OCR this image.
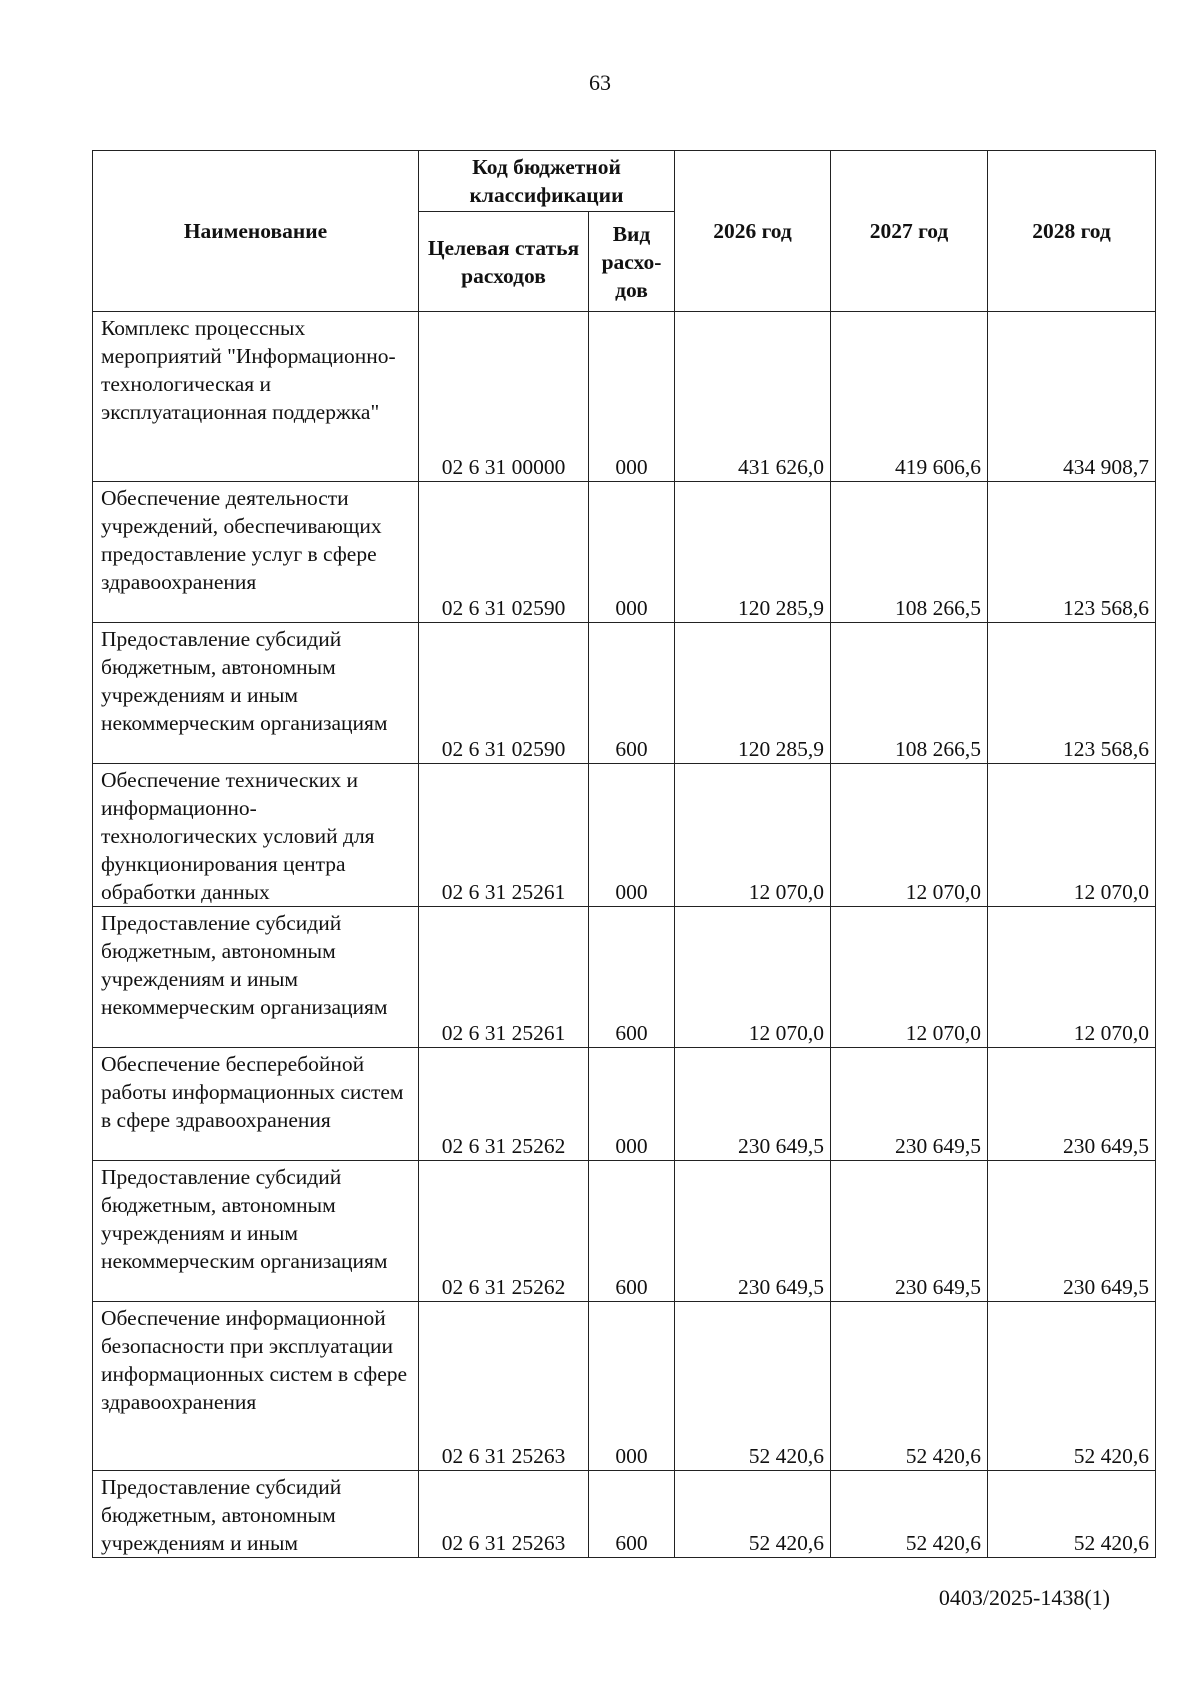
63
Наименование	Код бюджетной классификации		2026 год	2027 год	2028 год
	Целевая статья расходов	Вид расхо-дов			
Комплекс процессных мероприятий "Информационно-технологическая и эксплуатационная поддержка"	02 6 31 00000	000	431 626,0	419 606,6	434 908,7
Обеспечение деятельности учреждений, обеспечивающих предоставление услуг в сфере здравоохранения	02 6 31 02590	000	120 285,9	108 266,5	123 568,6
Предоставление субсидий бюджетным, автономным учреждениям и иным некоммерческим организациям	02 6 31 02590	600	120 285,9	108 266,5	123 568,6
Обеспечение технических и информационно-технологических условий для функционирования центра обработки данных	02 6 31 25261	000	12 070,0	12 070,0	12 070,0
Предоставление субсидий бюджетным, автономным учреждениям и иным некоммерческим организациям	02 6 31 25261	600	12 070,0	12 070,0	12 070,0
Обеспечение бесперебойной работы информационных систем в сфере здравоохранения	02 6 31 25262	000	230 649,5	230 649,5	230 649,5
Предоставление субсидий бюджетным, автономным учреждениям и иным некоммерческим организациям	02 6 31 25262	600	230 649,5	230 649,5	230 649,5
Обеспечение информационной безопасности при эксплуатации информационных систем в сфере здравоохранения	02 6 31 25263	000	52 420,6	52 420,6	52 420,6
Предоставление субсидий бюджетным, автономным учреждениям и иным	02 6 31 25263	600	52 420,6	52 420,6	52 420,6
0403/2025-1438(1)
